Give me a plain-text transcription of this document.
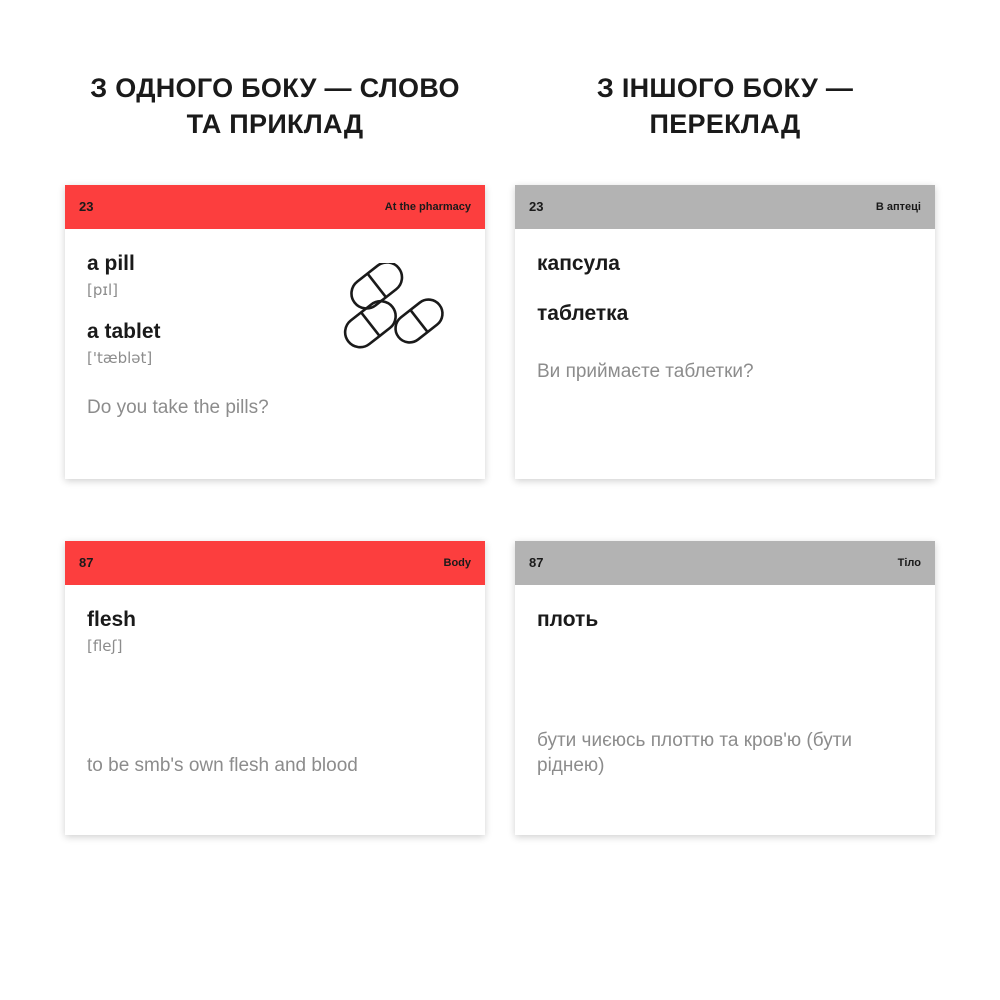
З ОДНОГО БОКУ — СЛОВО ТА ПРИКЛАД
23	At the pharmacy
a pill
[pɪl]
a tablet
['tæblət]
Do you take the pills?
87	Body
flesh
[fleʃ]
to be smb's own flesh and blood
З ІНШОГО БОКУ — ПЕРЕКЛАД
23	В аптеці
капсула
таблетка
Ви приймаєте таблетки?
87	Тіло
плоть
бути чиєюсь плоттю та кров'ю (бути ріднею)
